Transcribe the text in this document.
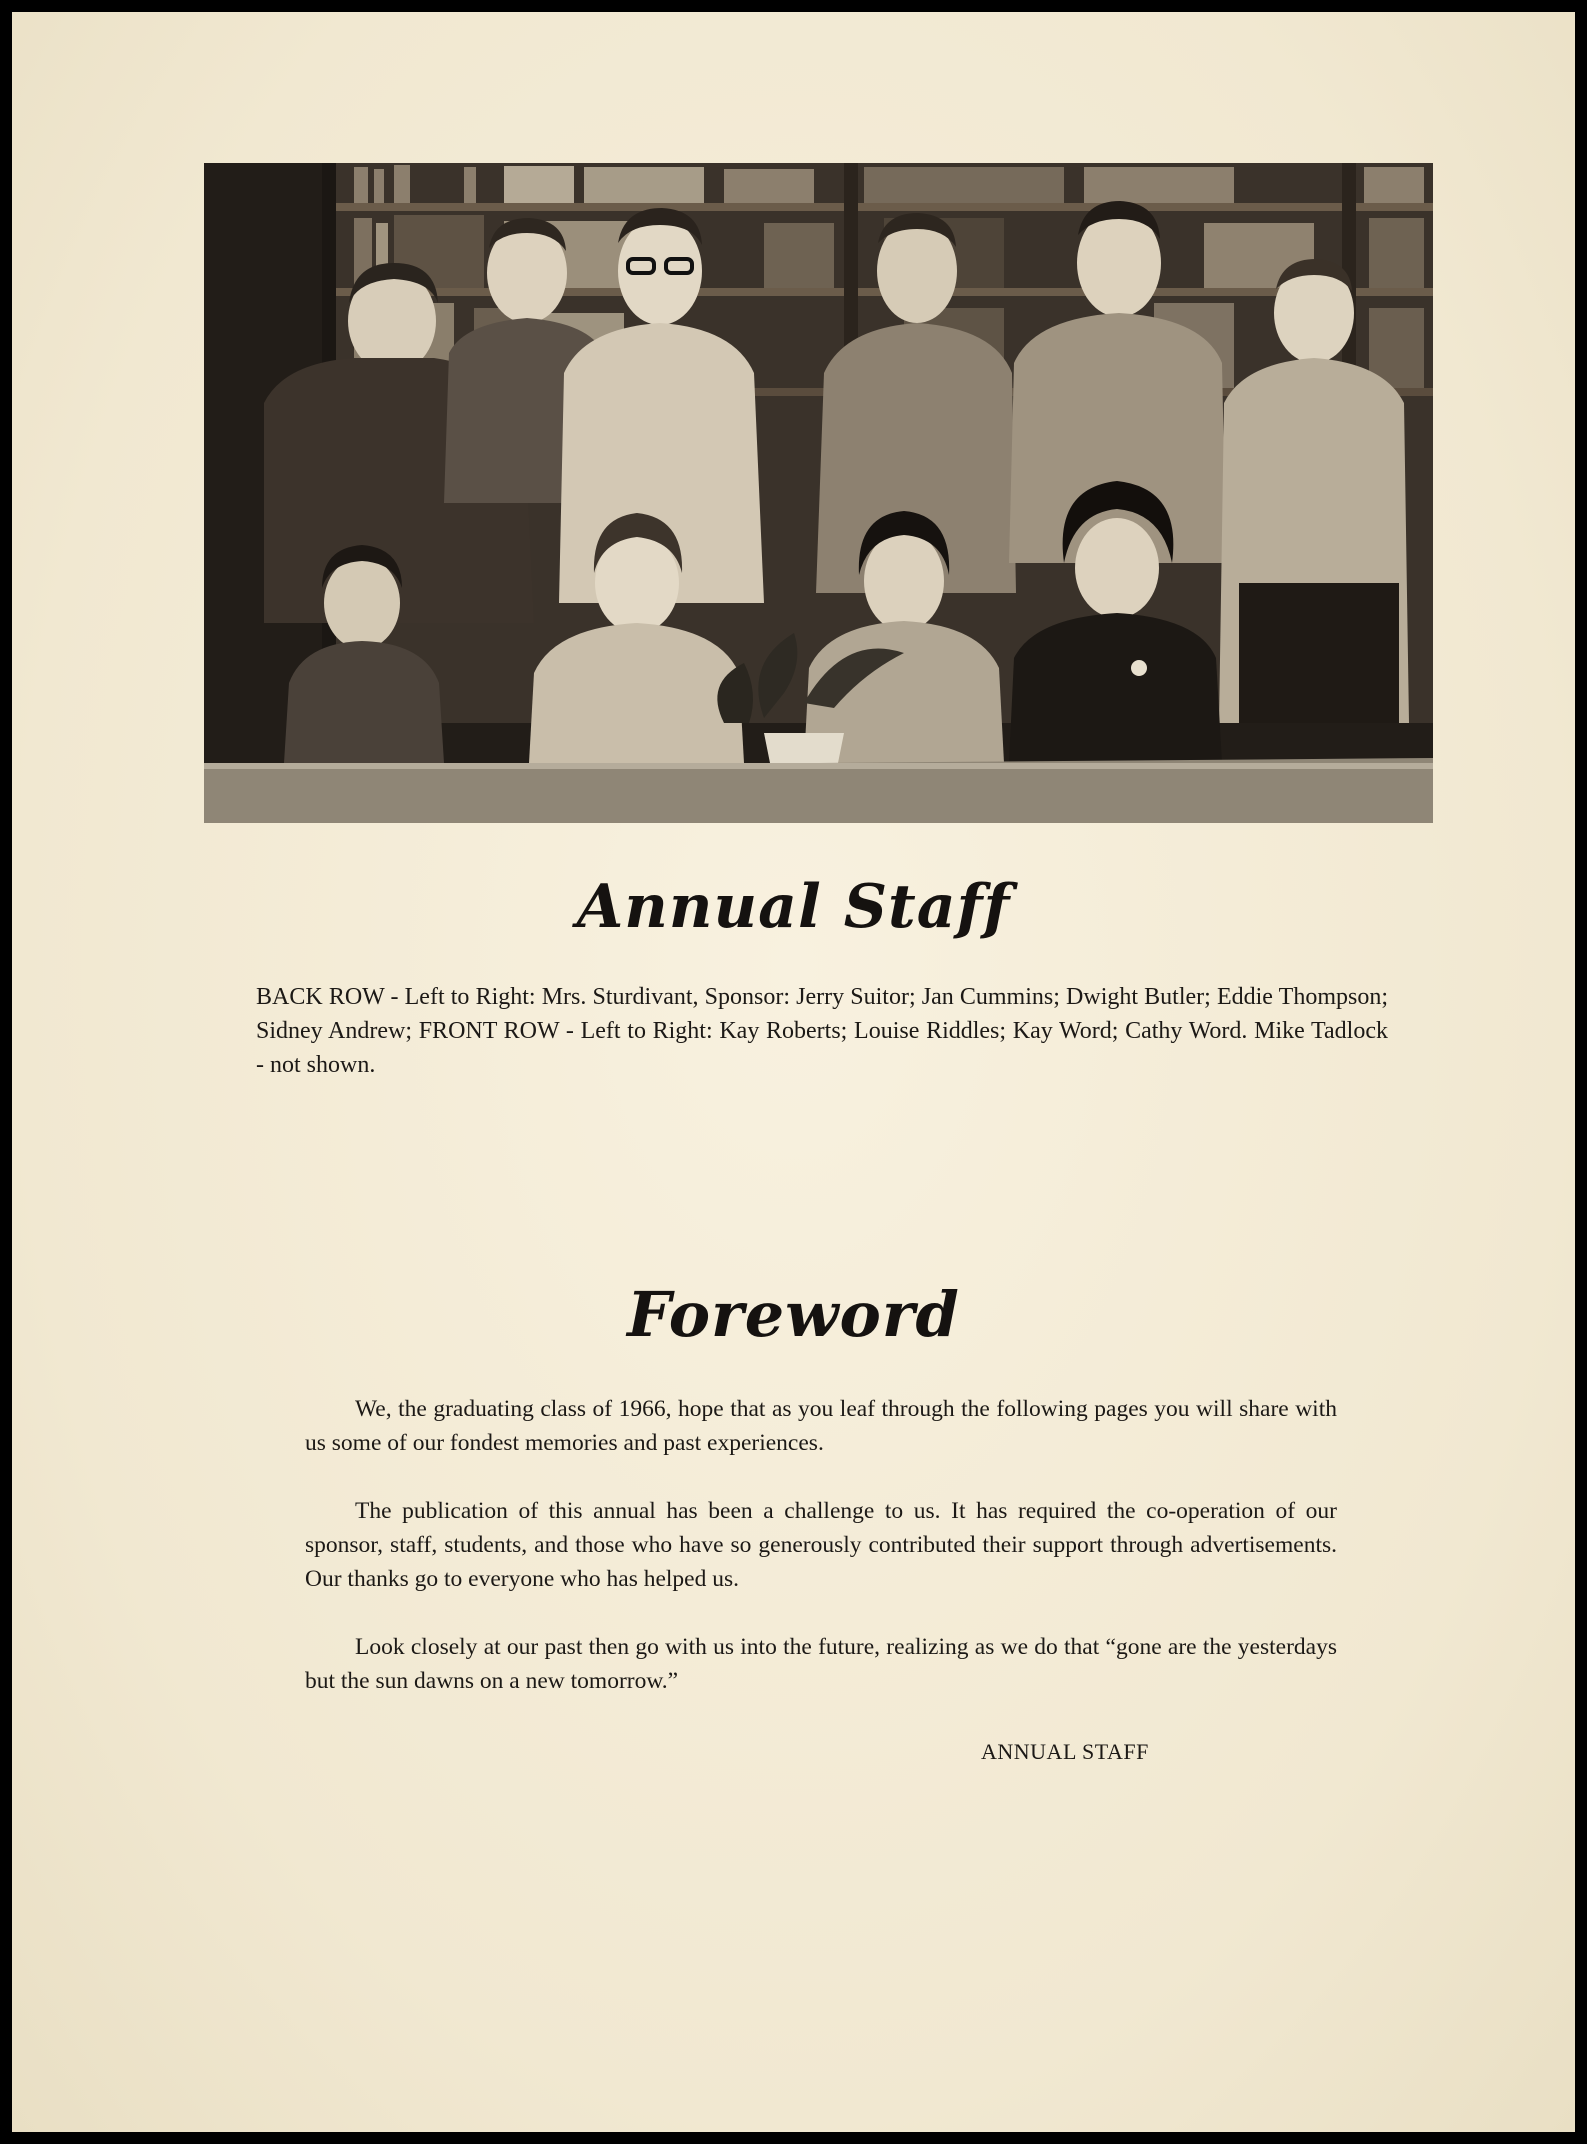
Annual Staff
BACK ROW - Left to Right: Mrs. Sturdivant, Sponsor: Jerry Suitor; Jan Cummins; Dwight Butler; Eddie Thompson; Sidney Andrew; FRONT ROW - Left to Right: Kay Roberts; Louise Riddles; Kay Word; Cathy Word. Mike Tadlock - not shown.
Foreword

We, the graduating class of 1966, hope that as you leaf through the following pages you will share with us some of our fondest memories and past experiences.

The publication of this annual has been a challenge to us. It has required the co-operation of our sponsor, staff, students, and those who have so generously contributed their support through advertisements. Our thanks go to everyone who has helped us.

Look closely at our past then go with us into the future, realizing as we do that “gone are the yesterdays but the sun dawns on a new tomorrow.”

ANNUAL STAFF
